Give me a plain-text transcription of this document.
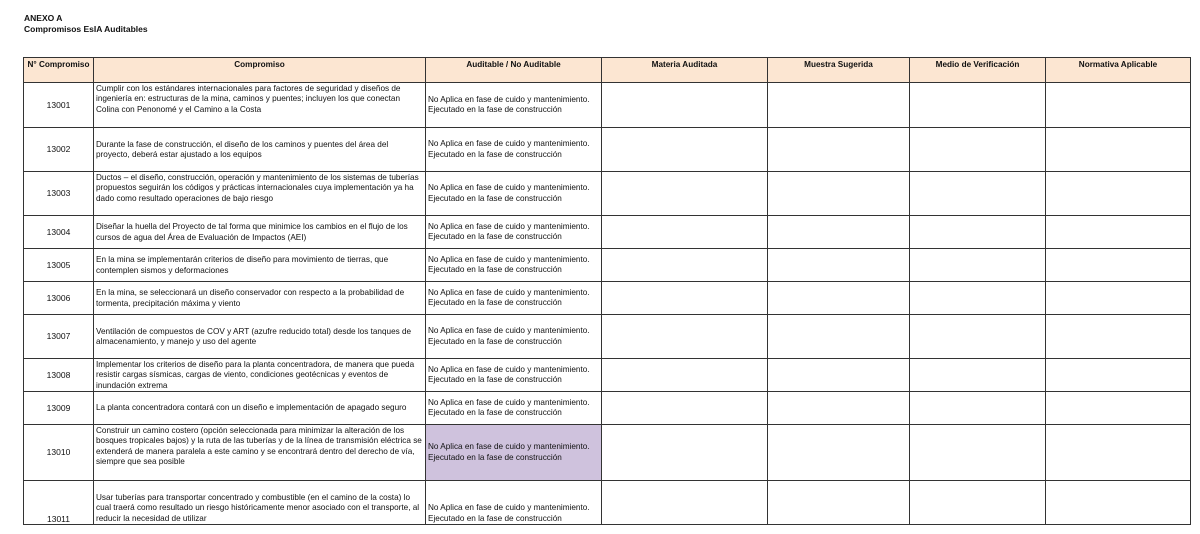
ANEXO A
Compromisos EsIA Auditables
N° Compromiso	Compromiso	Auditable / No Auditable	Materia Auditada	Muestra Sugerida	Medio de Verificación	Normativa Aplicable
13001	Cumplir con los estándares internacionales para factores de seguridad y diseños de ingeniería en: estructuras de la mina, caminos y puentes; incluyen los que conectan Colina con Penonomé y el Camino a la Costa	No Aplica en fase de cuido y mantenimiento. Ejecutado en la fase de construcción				
13002	Durante la fase de construcción, el diseño de los caminos y puentes del área del proyecto, deberá estar ajustado a los equipos	No Aplica en fase de cuido y mantenimiento. Ejecutado en la fase de construcción				
13003	Ductos – el diseño, construcción, operación y mantenimiento de los sistemas de tuberías propuestos seguirán los códigos y prácticas internacionales cuya implementación ya ha dado como resultado operaciones de bajo riesgo	No Aplica en fase de cuido y mantenimiento. Ejecutado en la fase de construcción				
13004	Diseñar la huella del Proyecto de tal forma que minimice los cambios en el flujo de los cursos de agua del Área de Evaluación de Impactos (AEI)	No Aplica en fase de cuido y mantenimiento. Ejecutado en la fase de construcción				
13005	En la mina se implementarán criterios de diseño para movimiento de tierras, que contemplen sismos y deformaciones	No Aplica en fase de cuido y mantenimiento. Ejecutado en la fase de construcción				
13006	En la mina, se seleccionará un diseño conservador con respecto a la probabilidad de tormenta, precipitación máxima y viento	No Aplica en fase de cuido y mantenimiento. Ejecutado en la fase de construcción				
13007	Ventilación de compuestos de COV y ART (azufre reducido total) desde los tanques de almacenamiento, y manejo y uso del agente	No Aplica en fase de cuido y mantenimiento. Ejecutado en la fase de construcción				
13008	Implementar los criterios de diseño para la planta concentradora, de manera que pueda resistir cargas sísmicas, cargas de viento, condiciones geotécnicas y eventos de inundación extrema	No Aplica en fase de cuido y mantenimiento. Ejecutado en la fase de construcción				
13009	La planta concentradora contará con un diseño e implementación de apagado seguro	No Aplica en fase de cuido y mantenimiento. Ejecutado en la fase de construcción				
13010	Construir un camino costero (opción seleccionada para minimizar la alteración de los bosques tropicales bajos) y la ruta de las tuberías y de la línea de transmisión eléctrica se extenderá de manera paralela a este camino y se encontrará dentro del derecho de vía, siempre que sea posible	No Aplica en fase de cuido y mantenimiento. Ejecutado en la fase de construcción				
13011	Usar tuberías para transportar concentrado y combustible (en el camino de la costa) lo cual traerá como resultado un riesgo históricamente menor asociado con el transporte, al reducir la necesidad de utilizar	No Aplica en fase de cuido y mantenimiento. Ejecutado en la fase de construcción				
